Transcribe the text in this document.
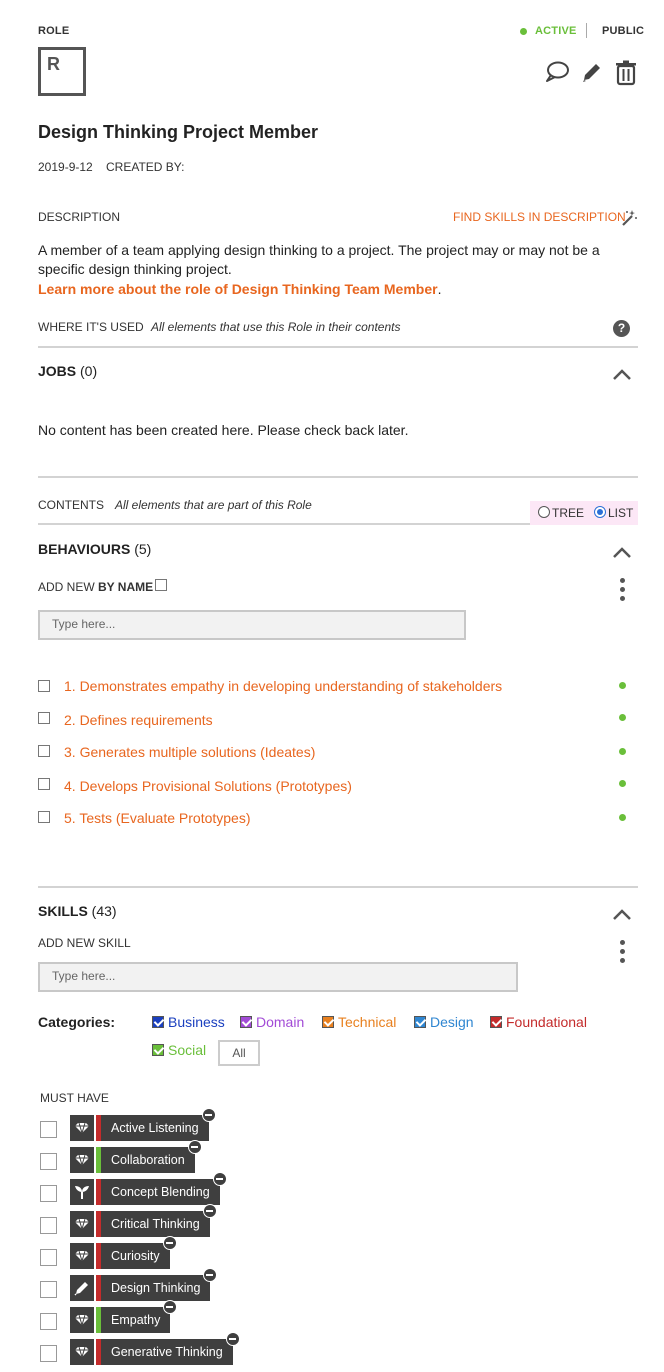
ROLE
R
ACTIVE PUBLIC
Design Thinking Project Member
2019-9-12 CREATED BY:
DESCRIPTION	FIND SKILLS IN DESCRIPTION
A member of a team applying design thinking to a project. The project may or may not be a specific design thinking project.
Learn more about the role of Design Thinking Team Member.
WHERE IT'S USED All elements that use this Role in their contents	?
JOBS (0)
No content has been created here. Please check back later.
CONTENTS All elements that are part of this Role
TREE LIST
BEHAVIOURS (5)
ADD NEW BY NAME
Type here...
1. Demonstrates empathy in developing understanding of stakeholders
2. Defines requirements
3. Generates multiple solutions (Ideates)
4. Develops Provisional Solutions (Prototypes)
5. Tests (Evaluate Prototypes)
SKILLS (43)
ADD NEW SKILL
Type here...
Categories:	Business Domain Technical Design Foundational
Social	All
MUST HAVE
Active Listening
Collaboration
Concept Blending
Critical Thinking
Curiosity
Design Thinking
Empathy
Generative Thinking
